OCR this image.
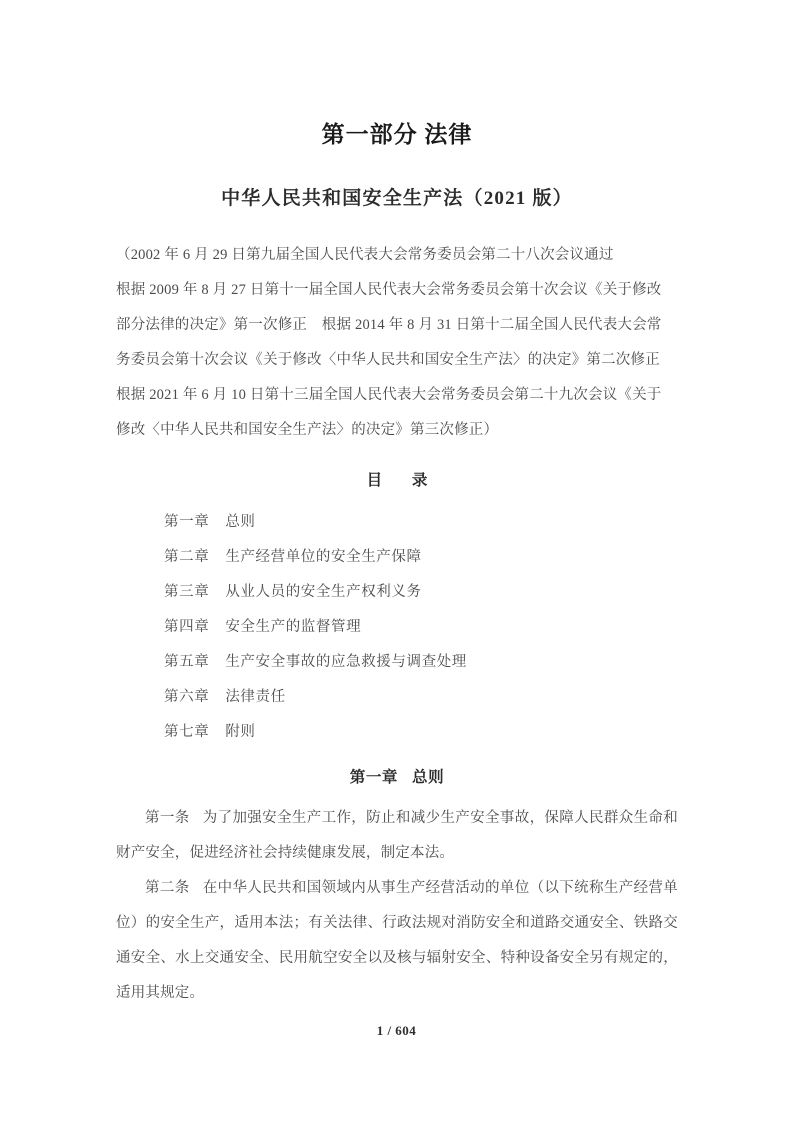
第一部分 法律
中华人民共和国安全生产法（2021 版）

（2002 年 6 月 29 日第九届全国人民代表大会常务委员会第二十八次会议通过

根据 2009 年 8 月 27 日第十一届全国人民代表大会常务委员会第十次会议《关于修改

部分法律的决定》第一次修正　根据 2014 年 8 月 31 日第十二届全国人民代表大会常

务委员会第十次会议《关于修改〈中华人民共和国安全生产法〉的决定》第二次修正

根据 2021 年 6 月 10 日第十三届全国人民代表大会常务委员会第二十九次会议《关于

修改〈中华人民共和国安全生产法〉的决定》第三次修正）

目 录
第一章 总则
第二章 生产经营单位的安全生产保障
第三章 从业人员的安全生产权利义务
第四章 安全生产的监督管理
第五章 生产安全事故的应急救援与调查处理
第六章 法律责任
第七章 附则
第一章 总则

第一条 为了加强安全生产工作，防止和减少生产安全事故，保障人民群众生命和财产安全，促进经济社会持续健康发展，制定本法。

第二条 在中华人民共和国领域内从事生产经营活动的单位（以下统称生产经营单位）的安全生产，适用本法；有关法律、行政法规对消防安全和道路交通安全、铁路交通安全、水上交通安全、民用航空安全以及核与辐射安全、特种设备安全另有规定的，适用其规定。

1 / 604
